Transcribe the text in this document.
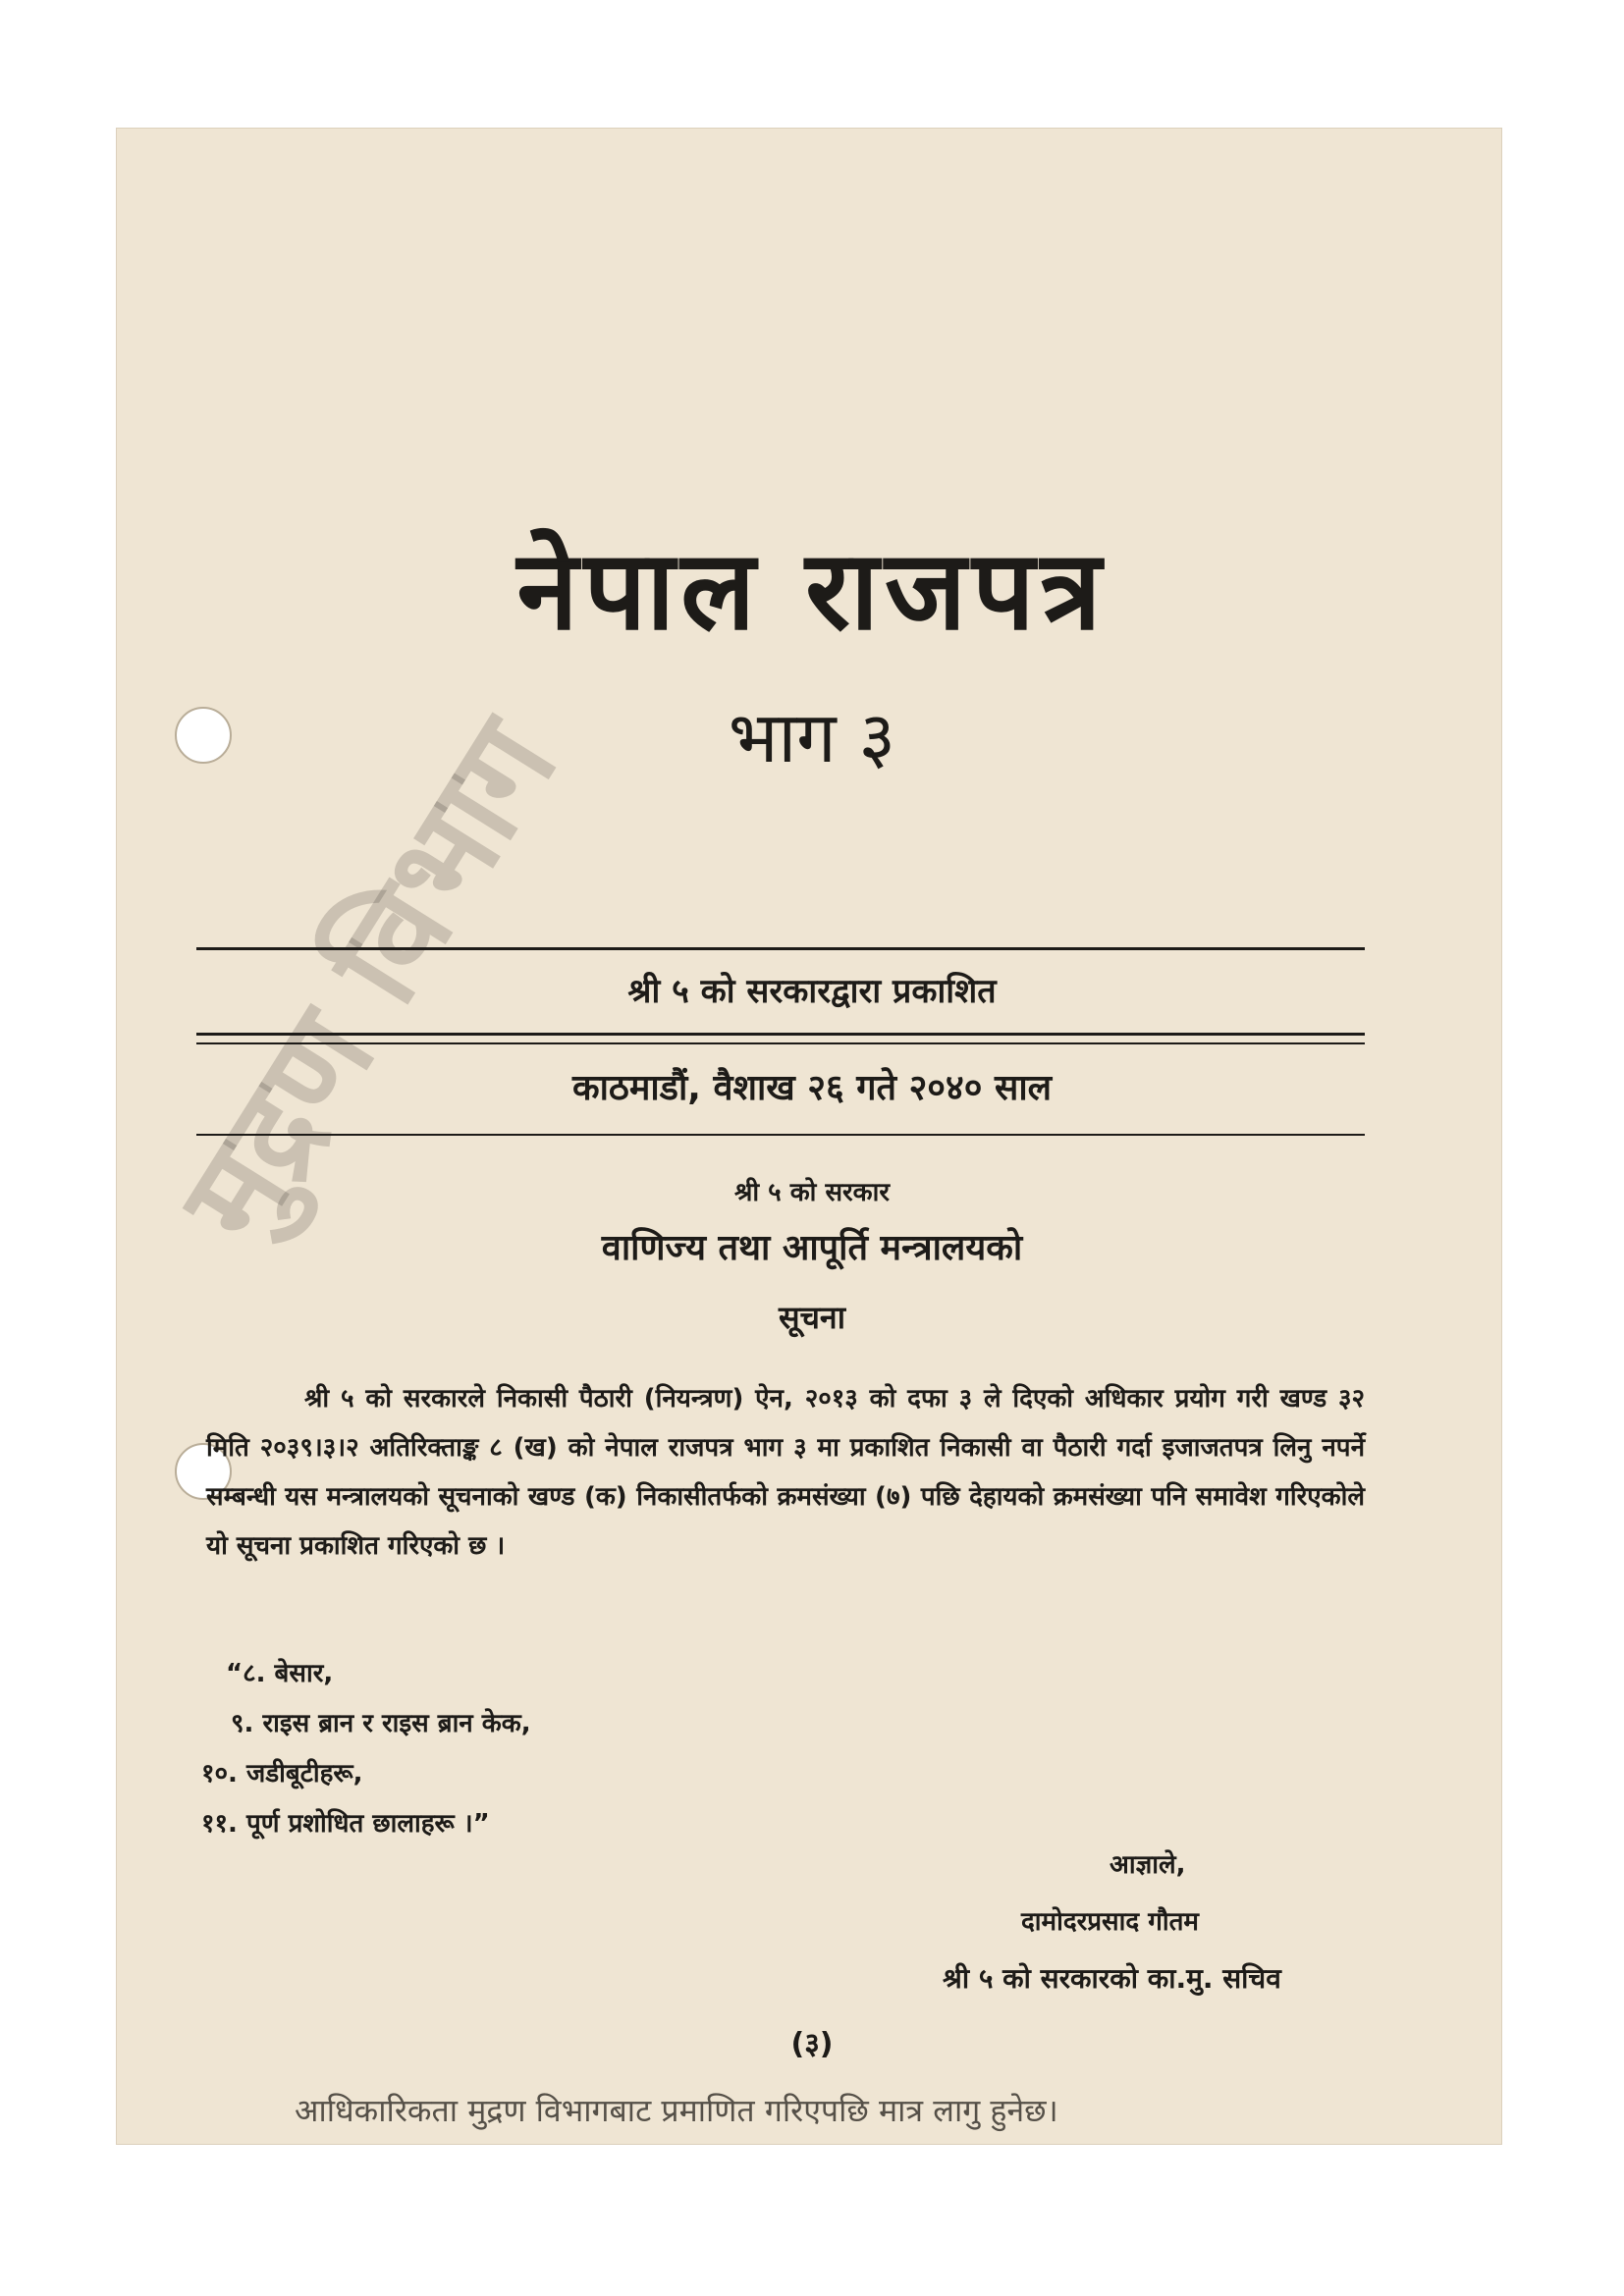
नेपाल राजपत्र
भाग ३
श्री ५ को सरकारद्वारा प्रकाशित
काठमाडौं, वैशाख २६ गते २०४० साल
श्री ५ को सरकार
वाणिज्य तथा आपूर्ति मन्त्रालयको
सूचना

श्री ५ को सरकारले निकासी पैठारी (नियन्त्रण) ऐन, २०१३ को दफा ३ ले दिएको अधिकार प्रयोग गरी खण्ड ३२ मिति २०३९।३।२ अतिरिक्ताङ्क ८ (ख) को नेपाल राजपत्र भाग ३ मा प्रकाशित निकासी वा पैठारी गर्दा इजाजतपत्र लिनु नपर्ने सम्बन्धी यस मन्त्रालयको सूचनाको खण्ड (क) निकासीतर्फको क्रमसंख्या (७) पछि देहायको क्रमसंख्या पनि समावेश गरिएकोले यो सूचना प्रकाशित गरिएको छ ।

“८. बेसार,
९. राइस ब्रान र राइस ब्रान केक,
१०. जडीबूटीहरू,
११. पूर्ण प्रशोधित छालाहरू ।”
आज्ञाले,
दामोदरप्रसाद गौतम
श्री ५ को सरकारको का.मु. सचिव
(३)
आधिकारिकता मुद्रण विभागबाट प्रमाणित गरिएपछि मात्र लागु हुनेछ।
